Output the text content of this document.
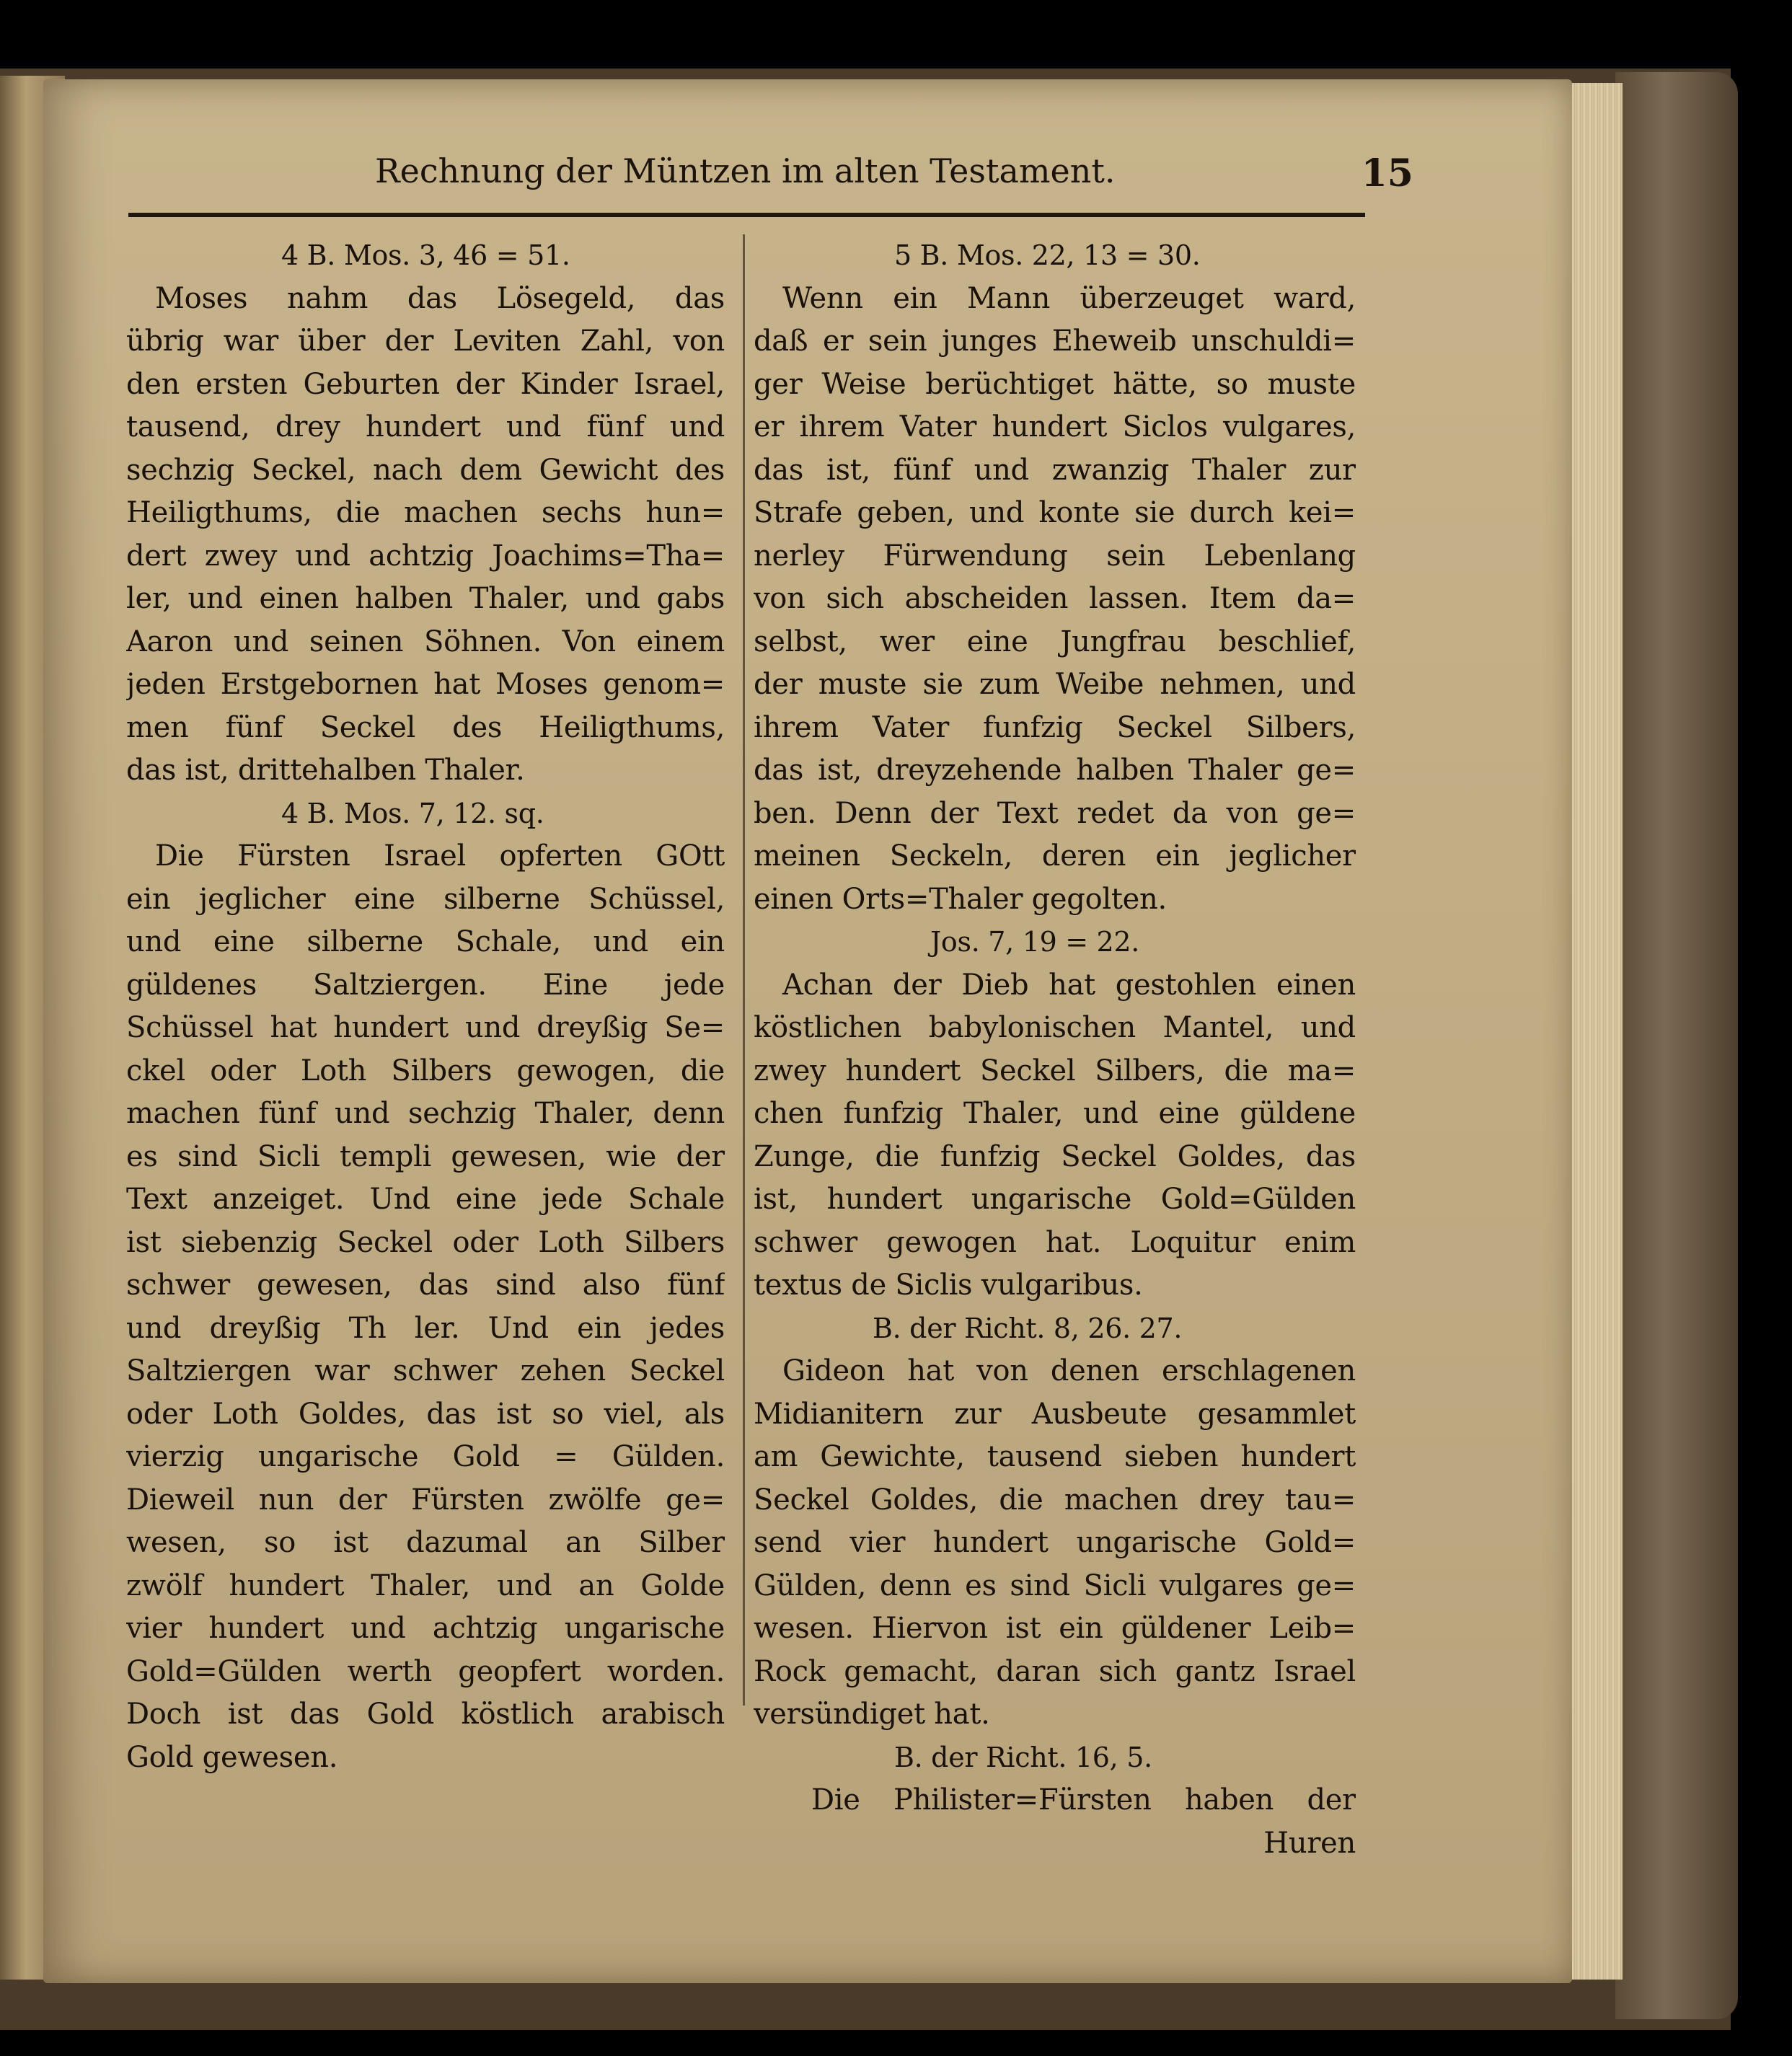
Rechnung der Müntzen im alten Testament.	15
4 B. Mos. 3, 46 = 51.
Moses nahm das Lösegeld, das
übrig war über der Leviten Zahl, von
den ersten Geburten der Kinder Israel,
tausend, drey hundert und fünf und
sechzig Seckel, nach dem Gewicht des
Heiligthums, die machen sechs hun=
dert zwey und achtzig Joachims=Tha=
ler, und einen halben Thaler, und gabs
Aaron und seinen Söhnen. Von einem
jeden Erstgebornen hat Moses genom=
men fünf Seckel des Heiligthums,
das ist, drittehalben Thaler.
4 B. Mos. 7, 12. sq.
Die Fürsten Israel opferten GOtt
ein jeglicher eine silberne Schüssel,
und eine silberne Schale, und ein
güldenes Saltziergen. Eine jede
Schüssel hat hundert und dreyßig Se=
ckel oder Loth Silbers gewogen, die
machen fünf und sechzig Thaler, denn
es sind Sicli templi gewesen, wie der
Text anzeiget. Und eine jede Schale
ist siebenzig Seckel oder Loth Silbers
schwer gewesen, das sind also fünf
und dreyßig Th ler. Und ein jedes
Saltziergen war schwer zehen Seckel
oder Loth Goldes, das ist so viel, als
vierzig ungarische Gold = Gülden.
Dieweil nun der Fürsten zwölfe ge=
wesen, so ist dazumal an Silber
zwölf hundert Thaler, und an Golde
vier hundert und achtzig ungarische
Gold=Gülden werth geopfert worden.
Doch ist das Gold köstlich arabisch
Gold gewesen.
5 B. Mos. 22, 13 = 30.
Wenn ein Mann überzeuget ward,
daß er sein junges Eheweib unschuldi=
ger Weise berüchtiget hätte, so muste
er ihrem Vater hundert Siclos vulgares,
das ist, fünf und zwanzig Thaler zur
Strafe geben, und konte sie durch kei=
nerley Fürwendung sein Lebenlang
von sich abscheiden lassen. Item da=
selbst, wer eine Jungfrau beschlief,
der muste sie zum Weibe nehmen, und
ihrem Vater funfzig Seckel Silbers,
das ist, dreyzehende halben Thaler ge=
ben. Denn der Text redet da von ge=
meinen Seckeln, deren ein jeglicher
einen Orts=Thaler gegolten.
Jos. 7, 19 = 22.
Achan der Dieb hat gestohlen einen
köstlichen babylonischen Mantel, und
zwey hundert Seckel Silbers, die ma=
chen funfzig Thaler, und eine güldene
Zunge, die funfzig Seckel Goldes, das
ist, hundert ungarische Gold=Gülden
schwer gewogen hat. Loquitur enim
textus de Siclis vulgaribus.
B. der Richt. 8, 26. 27.
Gideon hat von denen erschlagenen
Midianitern zur Ausbeute gesammlet
am Gewichte, tausend sieben hundert
Seckel Goldes, die machen drey tau=
send vier hundert ungarische Gold=
Gülden, denn es sind Sicli vulgares ge=
wesen. Hiervon ist ein güldener Leib=
Rock gemacht, daran sich gantz Israel
versündiget hat.
B. der Richt. 16, 5.
Die Philister=Fürsten haben der
Huren
